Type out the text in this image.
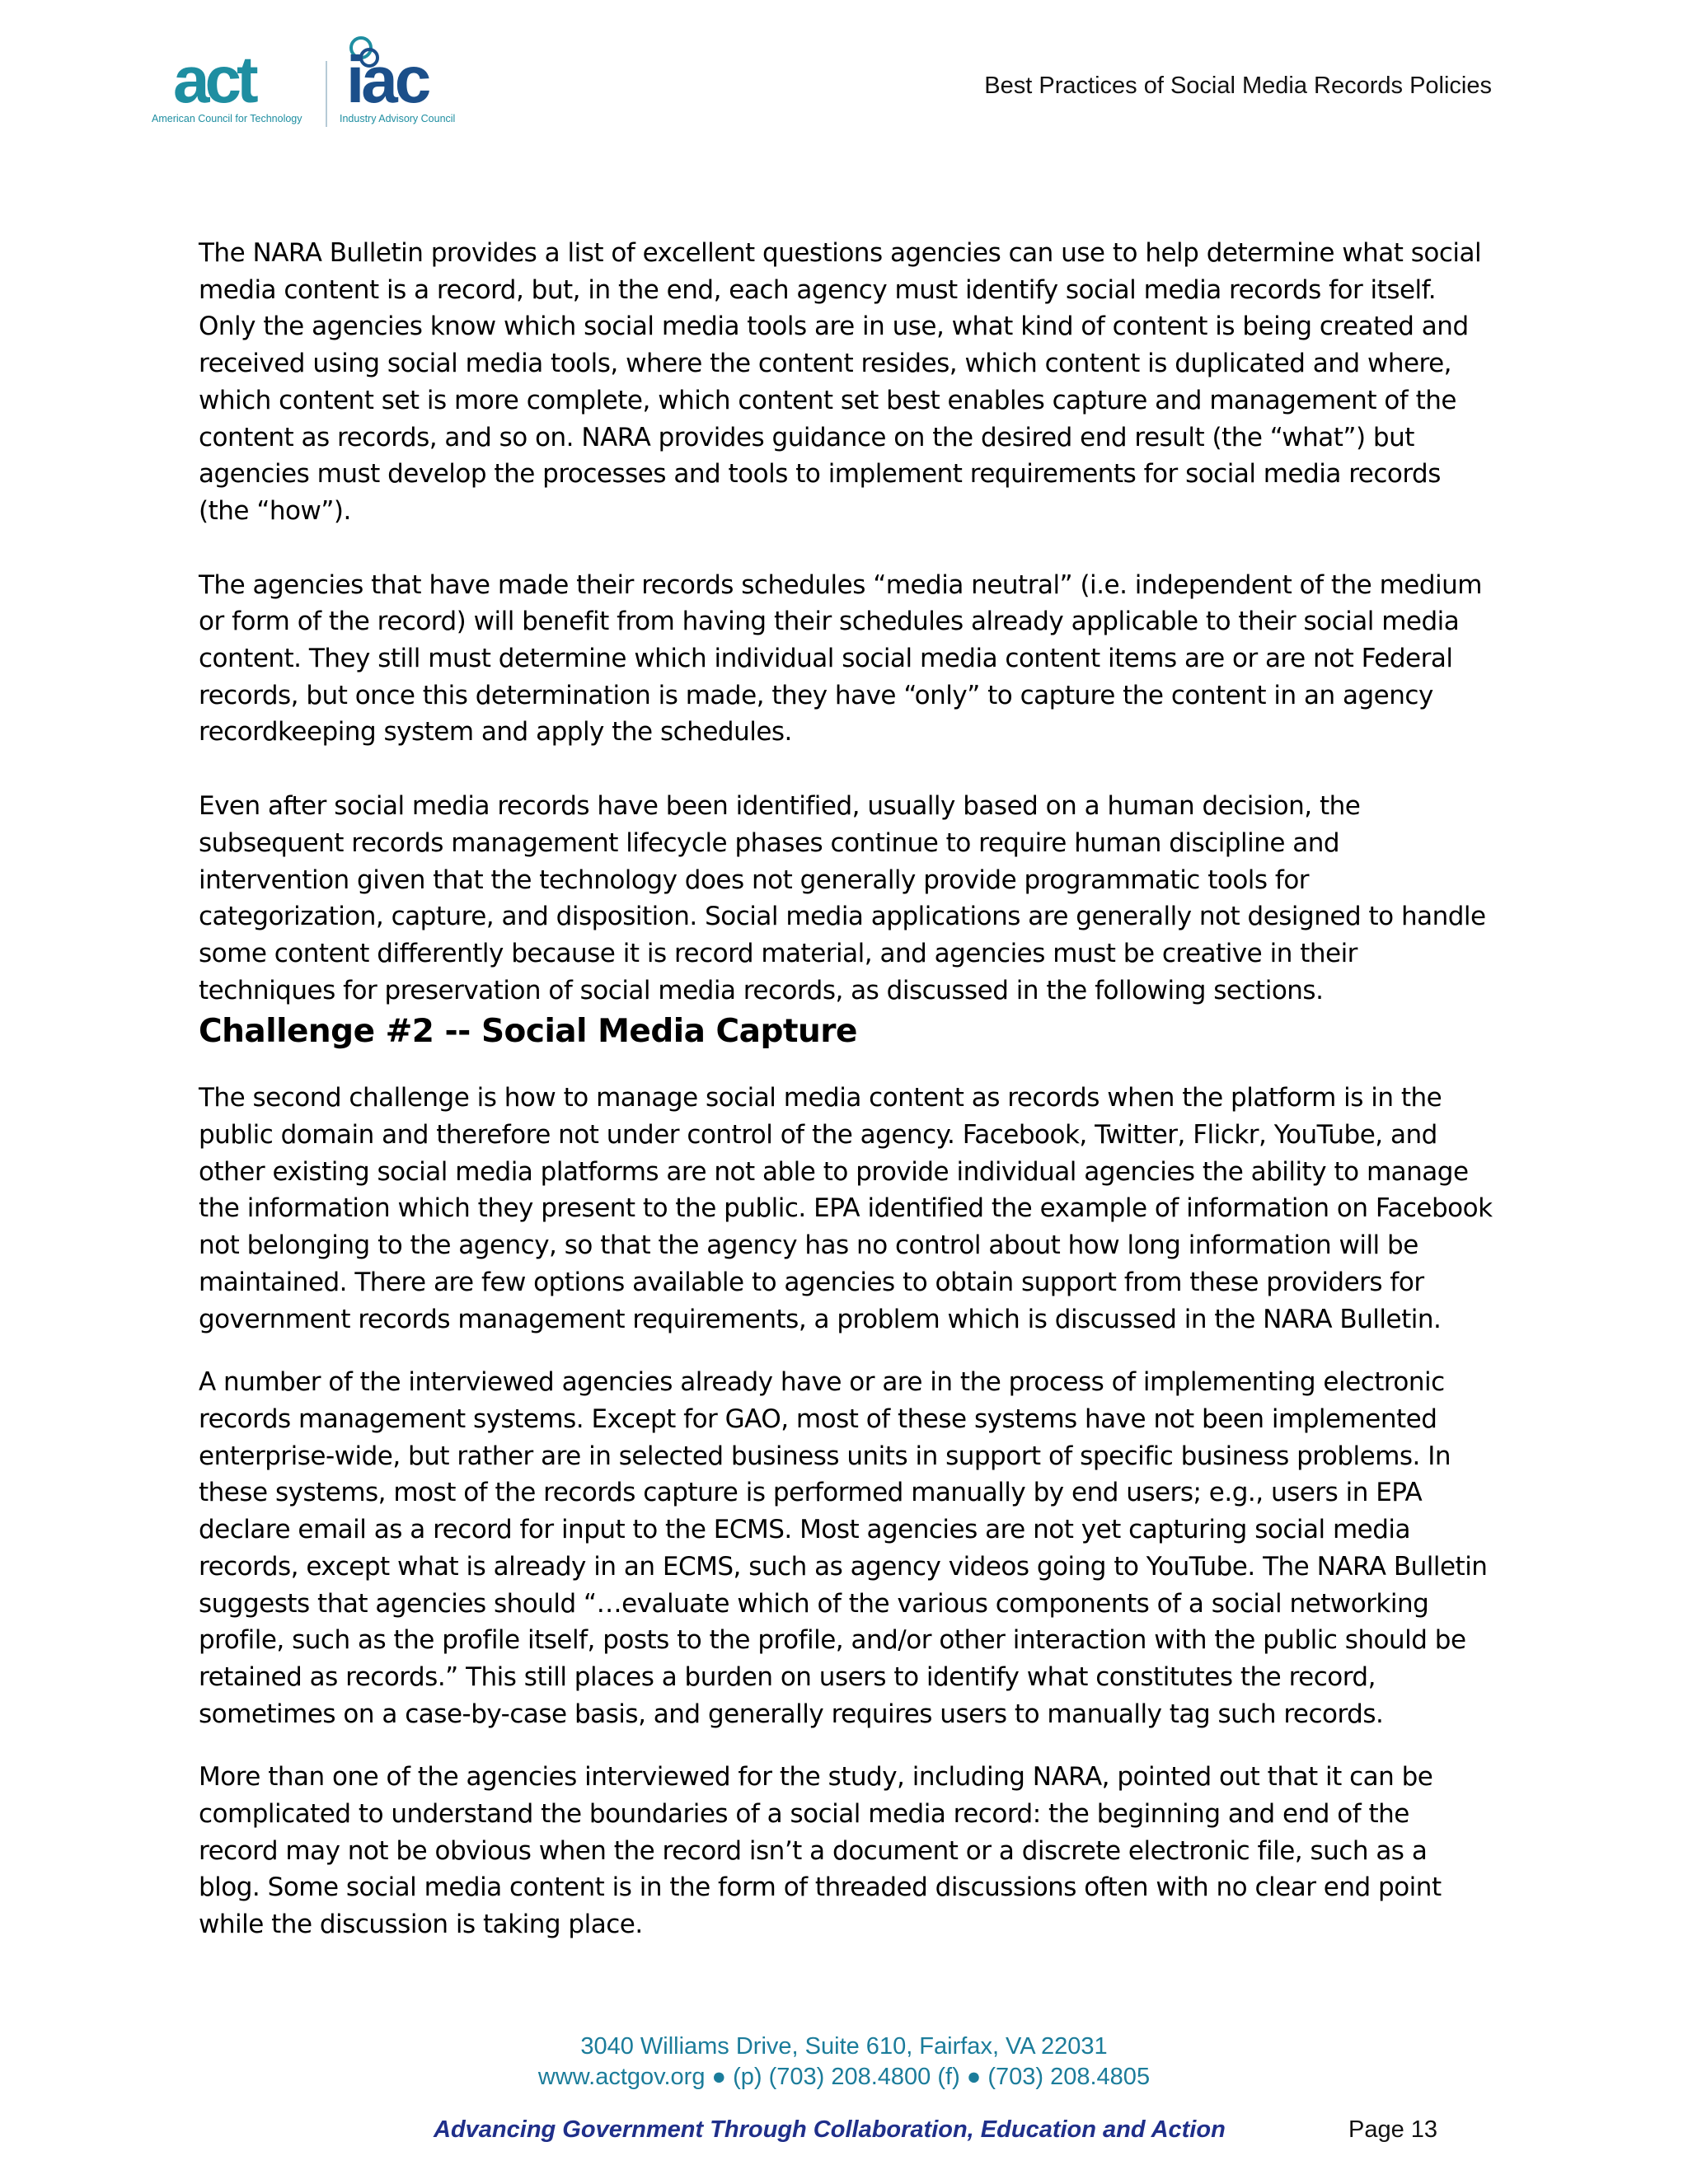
act
American Council for Technology
iac
Industry Advisory Council
Best Practices of Social Media Records Policies

The NARA Bulletin provides a list of excellent questions agencies can use to help determine what social media content is a record, but, in the end, each agency must identify social media records for itself. Only the agencies know which social media tools are in use, what kind of content is being created and received using social media tools, where the content resides, which content is duplicated and where, which content set is more complete, which content set best enables capture and management of the content as records, and so on. NARA provides guidance on the desired end result (the “what”) but agencies must develop the processes and tools to implement requirements for social media records (the “how”).

The agencies that have made their records schedules “media neutral” (i.e. independent of the medium or form of the record) will benefit from having their schedules already applicable to their social media content. They still must determine which individual social media content items are or are not Federal records, but once this determination is made, they have “only” to capture the content in an agency recordkeeping system and apply the schedules.

Even after social media records have been identified, usually based on a human decision, the subsequent records management lifecycle phases continue to require human discipline and intervention given that the technology does not generally provide programmatic tools for categorization, capture, and disposition. Social media applications are generally not designed to handle some content differently because it is record material, and agencies must be creative in their techniques for preservation of social media records, as discussed in the following sections.

Challenge #2 -- Social Media Capture

The second challenge is how to manage social media content as records when the platform is in the public domain and therefore not under control of the agency. Facebook, Twitter, Flickr, YouTube, and other existing social media platforms are not able to provide individual agencies the ability to manage the information which they present to the public. EPA identified the example of information on Facebook not belonging to the agency, so that the agency has no control about how long information will be maintained. There are few options available to agencies to obtain support from these providers for government records management requirements, a problem which is discussed in the NARA Bulletin.

A number of the interviewed agencies already have or are in the process of implementing electronic records management systems. Except for GAO, most of these systems have not been implemented enterprise-wide, but rather are in selected business units in support of specific business problems. In these systems, most of the records capture is performed manually by end users; e.g., users in EPA declare email as a record for input to the ECMS. Most agencies are not yet capturing social media records, except what is already in an ECMS, such as agency videos going to YouTube. The NARA Bulletin suggests that agencies should “…evaluate which of the various components of a social networking profile, such as the profile itself, posts to the profile, and/or other interaction with the public should be retained as records.” This still places a burden on users to identify what constitutes the record, sometimes on a case-by-case basis, and generally requires users to manually tag such records.

More than one of the agencies interviewed for the study, including NARA, pointed out that it can be complicated to understand the boundaries of a social media record: the beginning and end of the record may not be obvious when the record isn’t a document or a discrete electronic file, such as a blog. Some social media content is in the form of threaded discussions often with no clear end point while the discussion is taking place.

3040 Williams Drive, Suite 610, Fairfax, VA 22031
www.actgov.org ● (p) (703) 208.4800 (f) ● (703) 208.4805
Advancing Government Through Collaboration, Education and Action	Page 13
